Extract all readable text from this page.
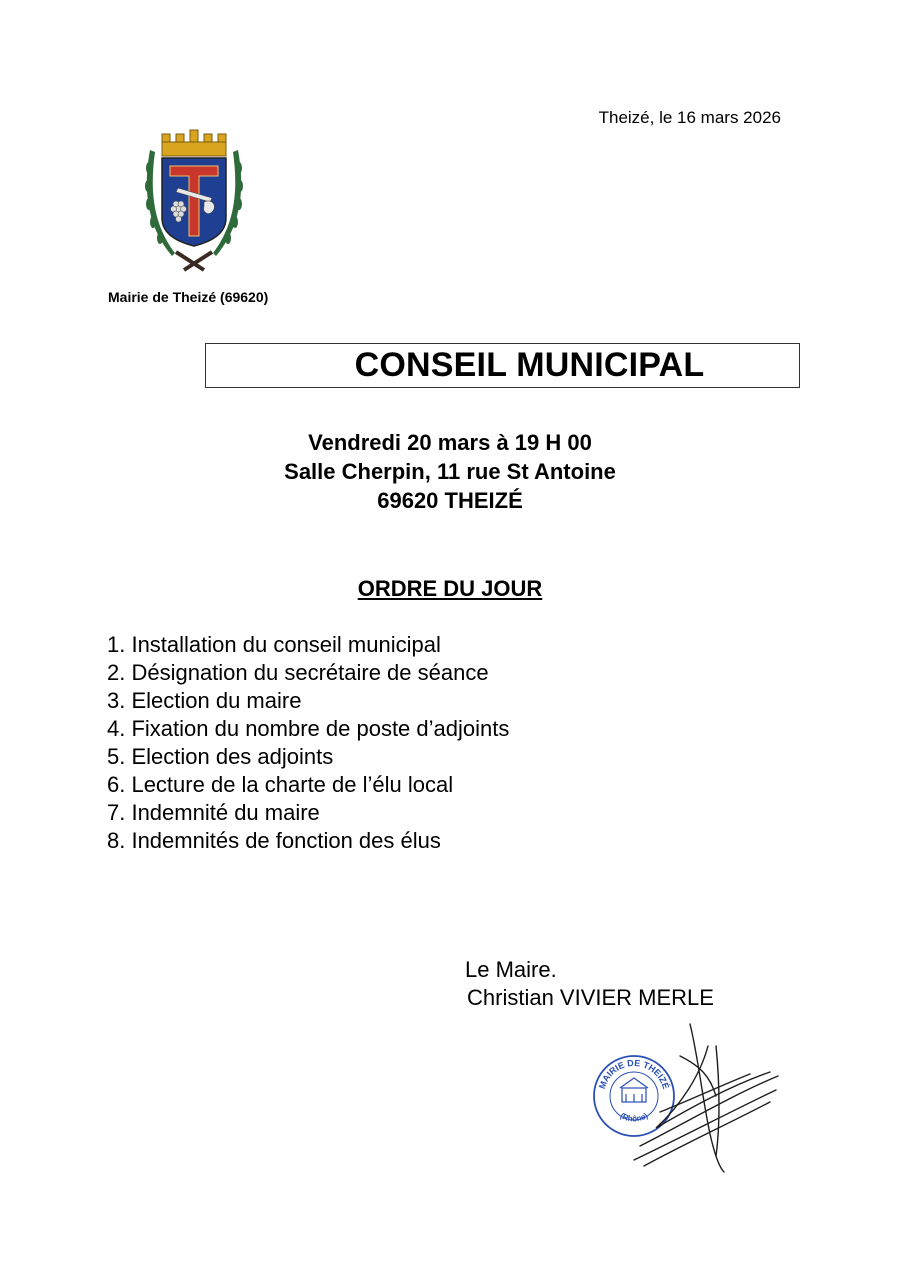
Theizé, le 16 mars 2026
Mairie de Theizé (69620)
CONSEIL MUNICIPAL
Vendredi 20 mars à 19 H 00
Salle Cherpin, 11 rue St Antoine
69620 THEIZÉ
ORDRE DU JOUR
1. Installation du conseil municipal
2. Désignation du secrétaire de séance
3. Election du maire
4. Fixation du nombre de poste d’adjoints
5. Election des adjoints
6. Lecture de la charte de l’élu local
7. Indemnité du maire
8. Indemnités de fonction des élus
Le Maire.
Christian VIVIER MERLE
MAIRIE DE THEIZÉ
(Rhône)
